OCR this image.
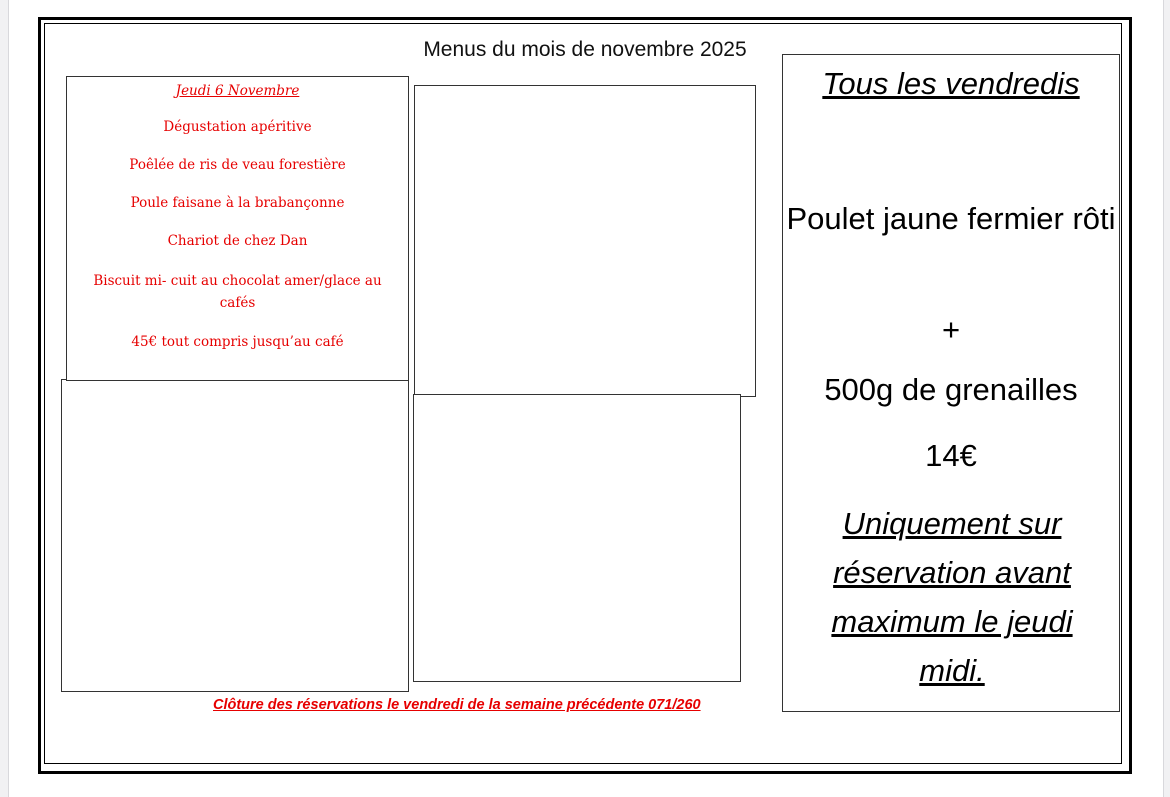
Menus du mois de novembre 2025
Jeudi 6 Novembre
Dégustation apéritive
Poêlée de ris de veau forestière
Poule faisane à la brabançonne
Chariot de chez Dan
Biscuit mi- cuit au chocolat amer/glace au cafés
45€ tout compris jusqu’au café
Clôture des réservations le vendredi de la semaine précédente 071/260
Tous les vendredis
Poulet jaune fermier rôti
+
500g de grenailles
14€
Uniquement sur réservation avant maximum le jeudi midi.
